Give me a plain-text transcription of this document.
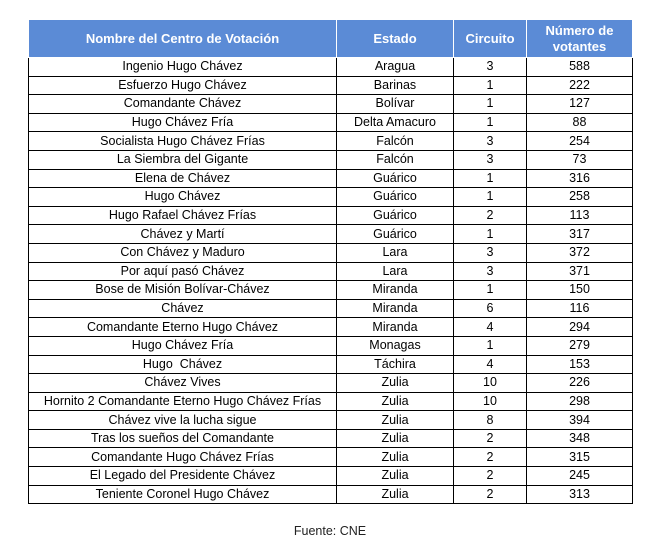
Nombre del Centro de Votación	Estado	Circuito	Número de votantes
Ingenio Hugo Chávez	Aragua	3	588
Esfuerzo Hugo Chávez	Barinas	1	222
Comandante Chávez	Bolívar	1	127
Hugo Chávez Fría	Delta Amacuro	1	88
Socialista Hugo Chávez Frías	Falcón	3	254
La Siembra del Gigante	Falcón	3	73
Elena de Chávez	Guárico	1	316
Hugo Chávez	Guárico	1	258
Hugo Rafael Chávez Frías	Guárico	2	113
Chávez y Martí	Guárico	1	317
Con Chávez y Maduro	Lara	3	372
Por aquí pasó Chávez	Lara	3	371
Bose de Misión Bolívar-Chávez	Miranda	1	150
Chávez	Miranda	6	116
Comandante Eterno Hugo Chávez	Miranda	4	294
Hugo Chávez Fría	Monagas	1	279
Hugo  Chávez	Táchira	4	153
Chávez Vives	Zulia	10	226
Hornito 2 Comandante Eterno Hugo Chávez Frías	Zulia	10	298
Chávez vive la lucha sigue	Zulia	8	394
Tras los sueños del Comandante	Zulia	2	348
Comandante Hugo Chávez Frías	Zulia	2	315
El Legado del Presidente Chávez	Zulia	2	245
Teniente Coronel Hugo Chávez	Zulia	2	313
Fuente: CNE
